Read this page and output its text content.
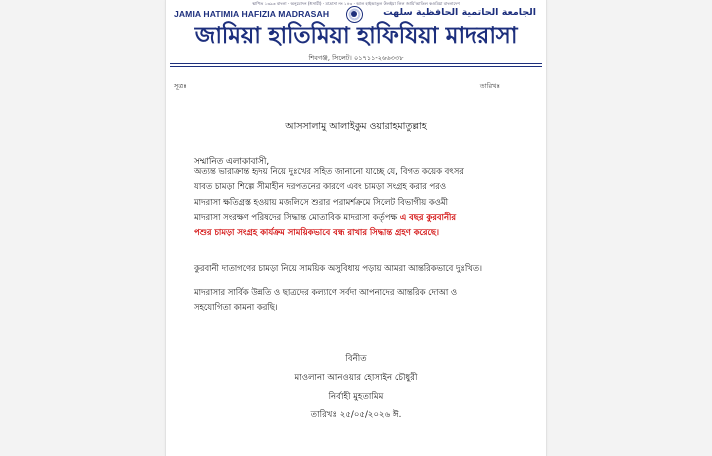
স্থাপিত ১৩৯৩ বাংলা · অনুমোদন (ঈসায়ী) · মাদ্রাসা নং ১৪৩ · আল হাইআতুল উলইয়া লিল জামি'আতিল কওমিয়া বাংলাদেশ
JAMIA HATIMIA HAFIZIA MADRASAH	الجامعة الحاتمية الحافظية سلهت
জামিয়া হাতিমিয়া হাফিযিয়া মাদরাসা
শিবগঞ্জ, সিলেট। ০১৭১১-২৬৬৩৩৮
সূত্রঃ	তারিখঃ
আসসালামু আলাইকুম ওয়ারাহমাতুল্লাহ
সম্মানিত এলাকাবাসী,
অত্যন্ত ভারাক্রান্ত হৃদয় নিয়ে দুঃখের সহিত জানানো যাচ্ছে যে, বিগত কয়েক বৎসর
যাবত চামড়া শিল্পে সীমাহীন দরপতনের কারণে এবং চামড়া সংগ্রহ করার পরও
মাদরাসা ক্ষতিগ্রস্ত হওয়ায় মজলিসে শুরার পরামর্শক্রমে সিলেট বিভাগীয় কওমী
মাদরাসা সংরক্ষণ পরিষদের সিদ্ধান্ত মোতাবিক মাদরাসা কর্তৃপক্ষ এ বছর কুরবানীর
পশুর চামড়া সংগ্রহ কার্যক্রম সাময়িকভাবে বন্ধ রাখার সিদ্ধান্ত গ্রহণ করেছে।
কুরবানী দাতাগণের চামড়া নিয়ে সাময়িক অসুবিধায় পড়ায় আমরা আন্তরিকভাবে দুঃখিত।
মাদরাসার সার্বিক উন্নতি ও ছাত্রদের কল্যাণে সর্বদা আপনাদের আন্তরিক দোআ ও
সহযোগিতা কামনা করছি।
বিনীত
মাওলানা আনওয়ার হোসাইন চৌধুরী
নির্বাহী মুহতামিম
তারিখঃ ২৫/০৫/২০২৬ ঈ.
